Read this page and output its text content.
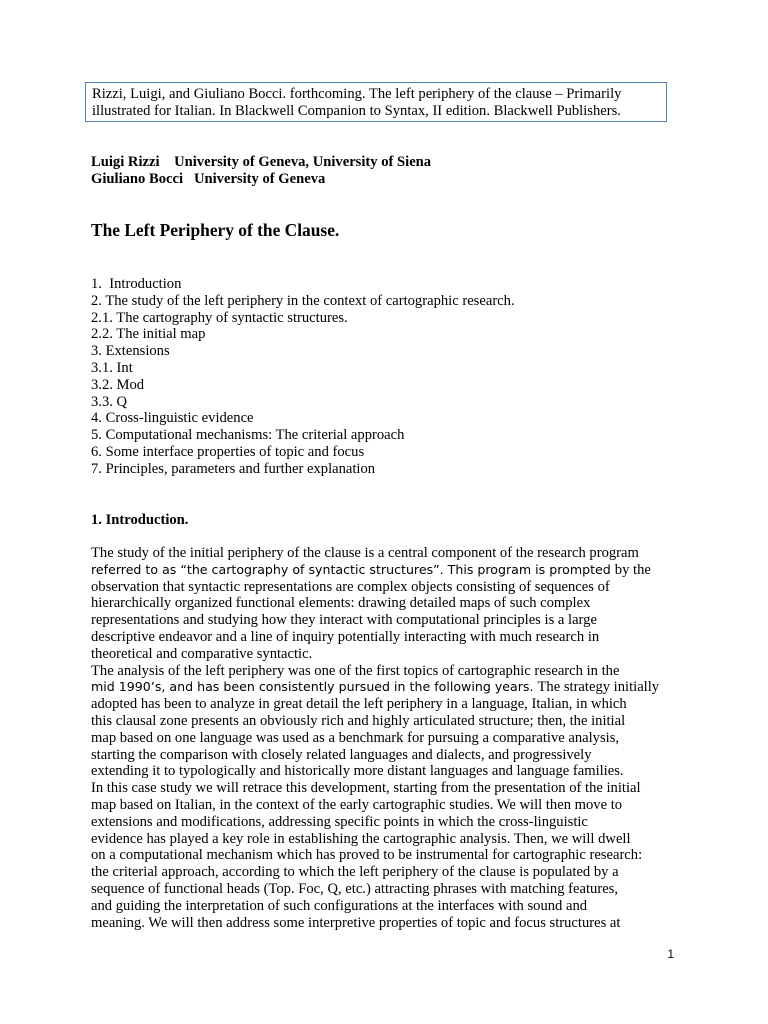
Rizzi, Luigi, and Giuliano Bocci. forthcoming. The left periphery of the clause – Primarily illustrated for Italian. In Blackwell Companion to Syntax, II edition. Blackwell Publishers.
Luigi Rizzi    University of Geneva, University of Siena
Giuliano Bocci   University of Geneva
The Left Periphery of the Clause.
1.  Introduction
2. The study of the left periphery in the context of cartographic research.
2.1. The cartography of syntactic structures.
2.2. The initial map
3. Extensions
3.1. Int
3.2. Mod
3.3. Q
4. Cross-linguistic evidence
5. Computational mechanisms: The criterial approach
6. Some interface properties of topic and focus
7. Principles, parameters and further explanation
1. Introduction.

The study of the initial periphery of the clause is a central component of the research program
referred to as “the cartography of syntactic structures”. This program is prompted by the
observation that syntactic representations are complex objects consisting of sequences of
hierarchically organized functional elements: drawing detailed maps of such complex
representations and studying how they interact with computational principles is a large
descriptive endeavor and a line of inquiry potentially interacting with much research in
theoretical and comparative syntactic.

The analysis of the left periphery was one of the first topics of cartographic research in the
mid 1990’s, and has been consistently pursued in the following years. The strategy initially
adopted has been to analyze in great detail the left periphery in a language, Italian, in which
this clausal zone presents an obviously rich and highly articulated structure; then, the initial
map based on one language was used as a benchmark for pursuing a comparative analysis,
starting the comparison with closely related languages and dialects, and progressively
extending it to typologically and historically more distant languages and language families.

In this case study we will retrace this development, starting from the presentation of the initial
map based on Italian, in the context of the early cartographic studies. We will then move to
extensions and modifications, addressing specific points in which the cross-linguistic
evidence has played a key role in establishing the cartographic analysis. Then, we will dwell
on a computational mechanism which has proved to be instrumental for cartographic research:
the criterial approach, according to which the left periphery of the clause is populated by a
sequence of functional heads (Top. Foc, Q, etc.) attracting phrases with matching features,
and guiding the interpretation of such configurations at the interfaces with sound and
meaning. We will then address some interpretive properties of topic and focus structures at

1
